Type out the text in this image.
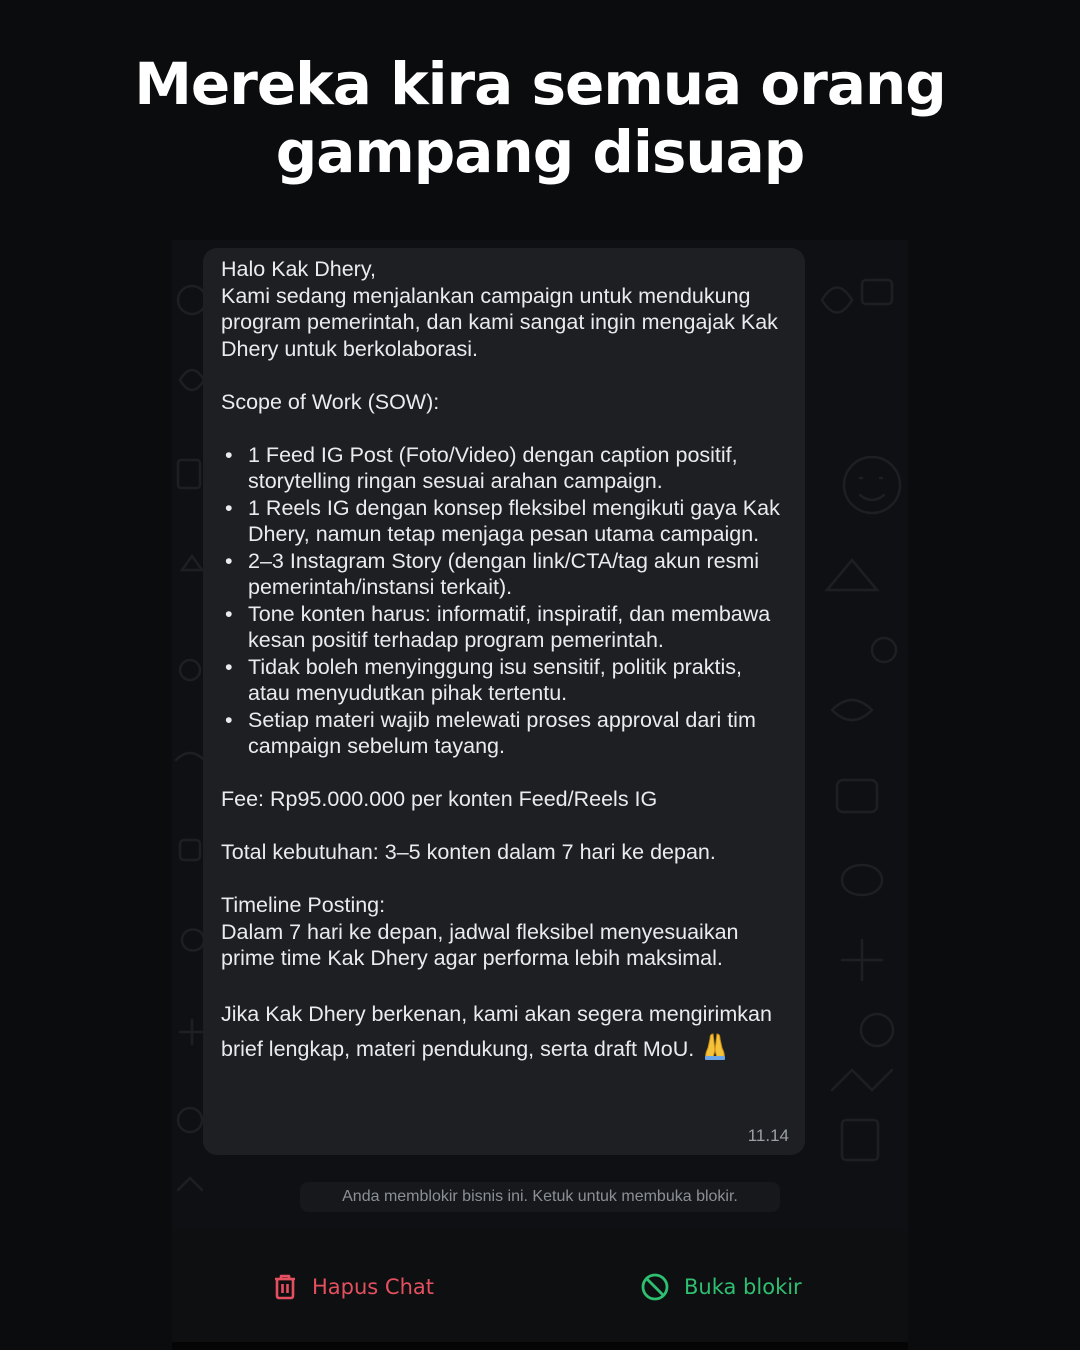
Mereka kira semua orang
gampang disuap

Halo Kak Dhery,

Kami sedang menjalankan campaign untuk mendukung program pemerintah, dan kami sangat ingin mengajak Kak Dhery untuk berkolaborasi.

Scope of Work (SOW):

• 1 Feed IG Post (Foto/Video) dengan caption positif, storytelling ringan sesuai arahan campaign.
• 1 Reels IG dengan konsep fleksibel mengikuti gaya Kak Dhery, namun tetap menjaga pesan utama campaign.
• 2–3 Instagram Story (dengan link/CTA/tag akun resmi pemerintah/instansi terkait).
• Tone konten harus: informatif, inspiratif, dan membawa kesan positif terhadap program pemerintah.
• Tidak boleh menyinggung isu sensitif, politik praktis, atau menyudutkan pihak tertentu.
• Setiap materi wajib melewati proses approval dari tim campaign sebelum tayang.

Fee: Rp95.000.000 per konten Feed/Reels IG

Total kebutuhan: 3–5 konten dalam 7 hari ke depan.

Timeline Posting:

Dalam 7 hari ke depan, jadwal fleksibel menyesuaikan prime time Kak Dhery agar performa lebih maksimal.

Jika Kak Dhery berkenan, kami akan segera mengirimkan brief lengkap, materi pendukung, serta draft MoU.

11.14
Anda memblokir bisnis ini. Ketuk untuk membuka blokir.
Hapus Chat	Buka blokir
